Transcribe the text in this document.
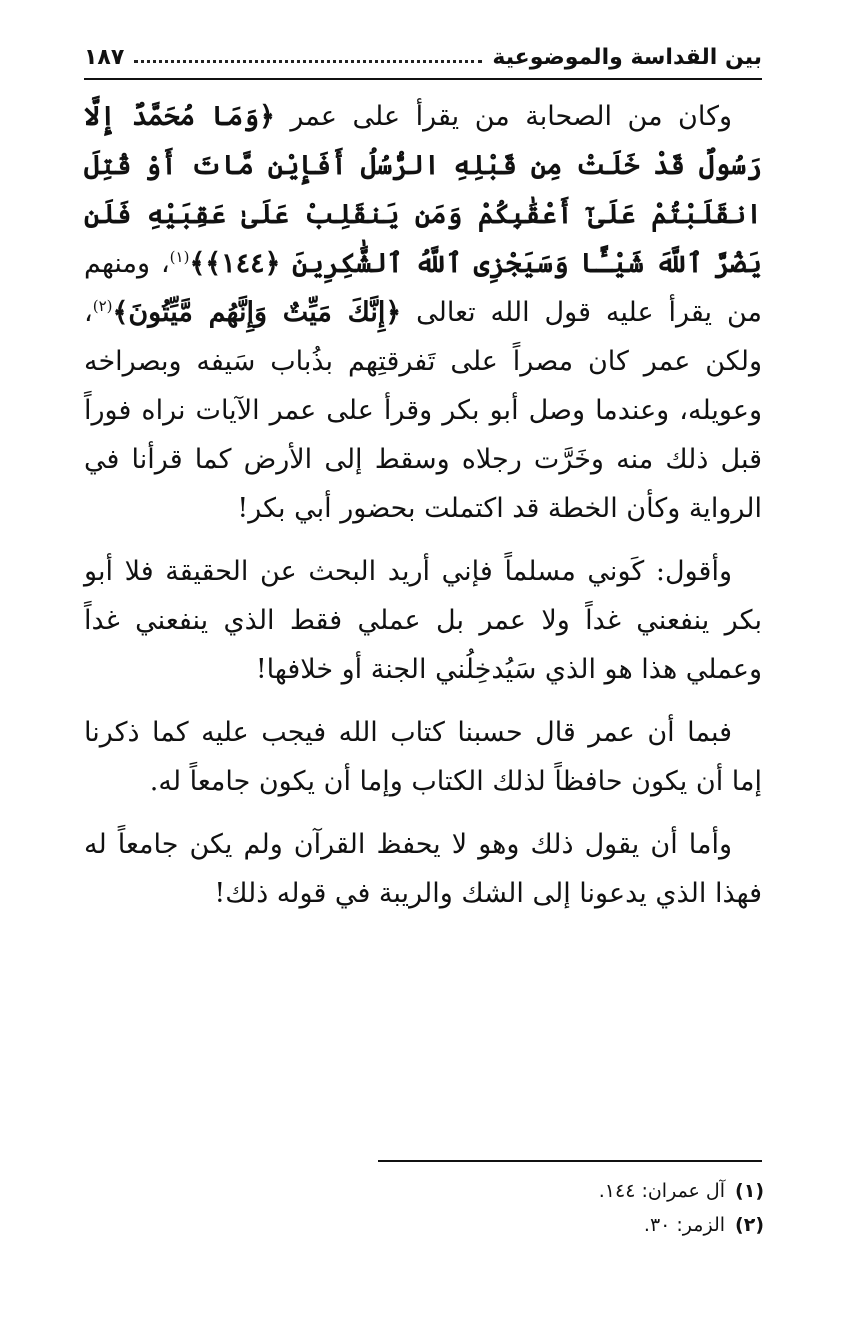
بين القداسة والموضوعية
١٨٧

وكان من الصحابة من يقرأ على عمر ﴿وَمَا مُحَمَّدٌ إِلَّا رَسُولٌ قَدْ خَلَتْ مِن قَبْلِهِ الرُّسُلُ أَفَإِيْن مَّاتَ أَوْ قُتِلَ انقَلَبْتُمْ عَلَىٰٓ أَعْقَٰبِكُمْ وَمَن يَنقَلِبْ عَلَىٰ عَقِبَيْهِ فَلَن يَضُرَّ ٱللَّهَ شَيْـًٔا وَسَيَجْزِى ٱللَّهُ ٱلشَّٰكِرِينَ ﴿١٤٤﴾﴾$^{(١)}$، ومنهم من يقرأ عليه قول الله تعالى ﴿إِنَّكَ مَيِّتٌ وَإِنَّهُم مَّيِّتُونَ﴾$^{(٢)}$، ولكن عمر كان مصراً على تَفرقتِهم بذُباب سَيفه وبصراخه وعويله، وعندما وصل أبو بكر وقرأ على عمر الآيات نراه فوراً قبل ذلك منه وخَرَّت رجلاه وسقط إلى الأرض كما قرأنا في الرواية وكأن الخطة قد اكتملت بحضور أبي بكر!

وأقول: كَوني مسلماً فإني أريد البحث عن الحقيقة فلا أبو بكر ينفعني غداً ولا عمر بل عملي فقط الذي ينفعني غداً وعملي هذا هو الذي سَيُدخِلُني الجنة أو خلافها!

فبما أن عمر قال حسبنا كتاب الله فيجب عليه كما ذكرنا إما أن يكون حافظاً لذلك الكتاب وإما أن يكون جامعاً له.

وأما أن يقول ذلك وهو لا يحفظ القرآن ولم يكن جامعاً له فهذا الذي يدعونا إلى الشك والريبة في قوله ذلك!

(١)
آل عمران: ١٤٤.
(٢)
الزمر: ٣٠.
